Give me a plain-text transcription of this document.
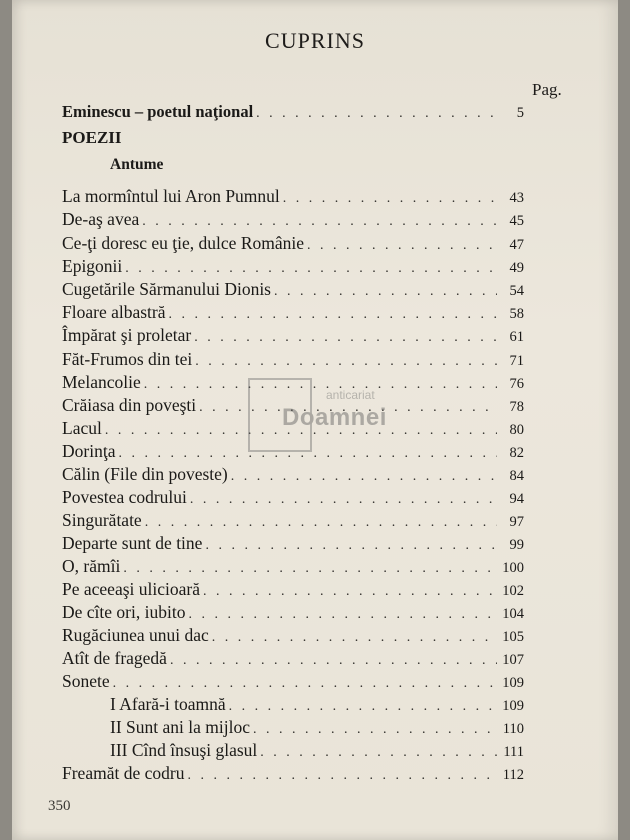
CUPRINS
Pag.
Eminescu – poetul naţional . . .	5
POEZII
Antume
La mormîntul lui Aron Pumnul . . .	43
De-aş avea . . .	45
Ce-ţi doresc eu ţie, dulce Românie . . .	47
Epigonii . . .	49
Cugetările Sărmanului Dionis . . .	54
Floare albastră . . .	58
Împărat şi proletar . . .	61
Făt-Frumos din tei . . .	71
Melancolie . . .	76
Crăiasa din poveşti . . .	78
Lacul . . .	80
Dorinţa . . .	82
Călin (File din poveste) . . .	84
Povestea codrului . . .	94
Singurătate . . .	97
Departe sunt de tine . . .	99
O, rămîi . . .	100
Pe aceeaşi ulicioară . . .	102
De cîte ori, iubito . . .	104
Rugăciunea unui dac . . .	105
Atît de fragedă . . .	107
Sonete . . .	109
I Afară-i toamnă . . .	109
II Sunt ani la mijloc . . .	110
III Cînd însuşi glasul . . .	111
Freamăt de codru . . .	112
350
anticariat
Doamnei
